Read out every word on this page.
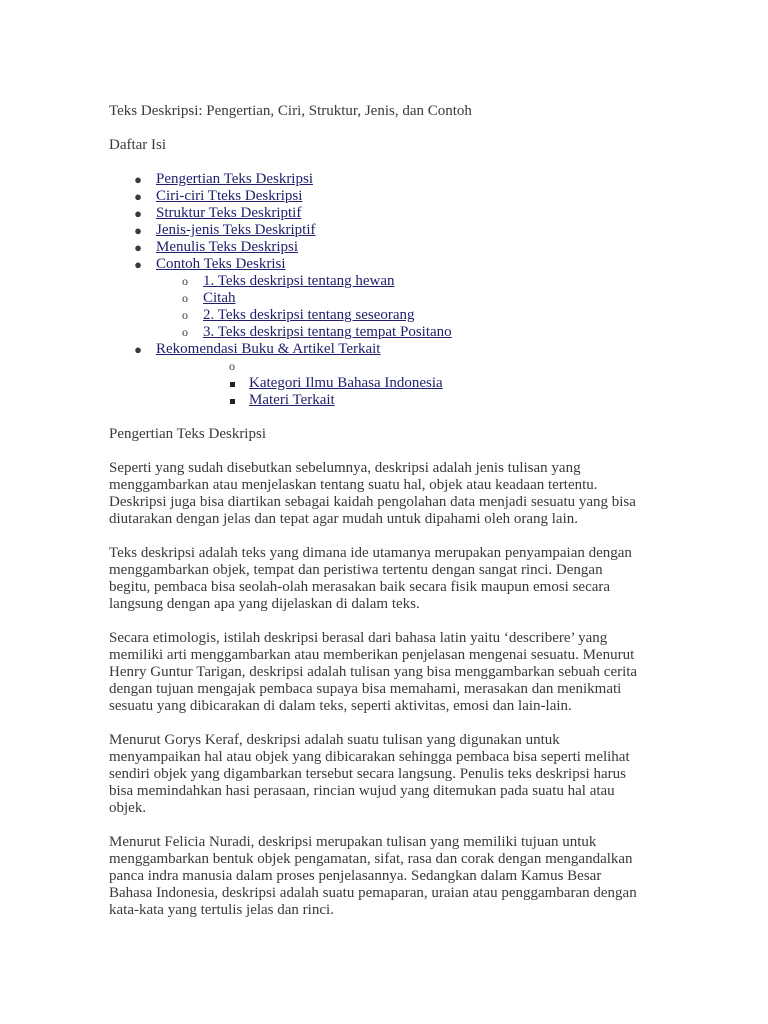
Teks Deskripsi: Pengertian, Ciri, Struktur, Jenis, dan Contoh

Daftar Isi

● Pengertian Teks Deskripsi
● Ciri-ciri Tteks Deskripsi
● Struktur Teks Deskriptif
● Jenis-jenis Teks Deskriptif
● Menulis Teks Deskripsi
● Contoh Teks Deskrisi
o 1. Teks deskripsi tentang hewan
o Citah
o 2. Teks deskripsi tentang seseorang
o 3. Teks deskripsi tentang tempat Positano
● Rekomendasi Buku & Artikel Terkait
o
Kategori Ilmu Bahasa Indonesia
Materi Terkait

Pengertian Teks Deskripsi

Seperti yang sudah disebutkan sebelumnya, deskripsi adalah jenis tulisan yang
menggambarkan atau menjelaskan tentang suatu hal, objek atau keadaan tertentu.
Deskripsi juga bisa diartikan sebagai kaidah pengolahan data menjadi sesuatu yang bisa
diutarakan dengan jelas dan tepat agar mudah untuk dipahami oleh orang lain.

Teks deskripsi adalah teks yang dimana ide utamanya merupakan penyampaian dengan
menggambarkan objek, tempat dan peristiwa tertentu dengan sangat rinci. Dengan
begitu, pembaca bisa seolah-olah merasakan baik secara fisik maupun emosi secara
langsung dengan apa yang dijelaskan di dalam teks.

Secara etimologis, istilah deskripsi berasal dari bahasa latin yaitu ‘describere’ yang
memiliki arti menggambarkan atau memberikan penjelasan mengenai sesuatu. Menurut
Henry Guntur Tarigan, deskripsi adalah tulisan yang bisa menggambarkan sebuah cerita
dengan tujuan mengajak pembaca supaya bisa memahami, merasakan dan menikmati
sesuatu yang dibicarakan di dalam teks, seperti aktivitas, emosi dan lain-lain.

Menurut Gorys Keraf, deskripsi adalah suatu tulisan yang digunakan untuk
menyampaikan hal atau objek yang dibicarakan sehingga pembaca bisa seperti melihat
sendiri objek yang digambarkan tersebut secara langsung. Penulis teks deskripsi harus
bisa memindahkan hasi perasaan, rincian wujud yang ditemukan pada suatu hal atau
objek.

Menurut Felicia Nuradi, deskripsi merupakan tulisan yang memiliki tujuan untuk
menggambarkan bentuk objek pengamatan, sifat, rasa dan corak dengan mengandalkan
panca indra manusia dalam proses penjelasannya. Sedangkan dalam Kamus Besar
Bahasa Indonesia, deskripsi adalah suatu pemaparan, uraian atau penggambaran dengan
kata-kata yang tertulis jelas dan rinci.
